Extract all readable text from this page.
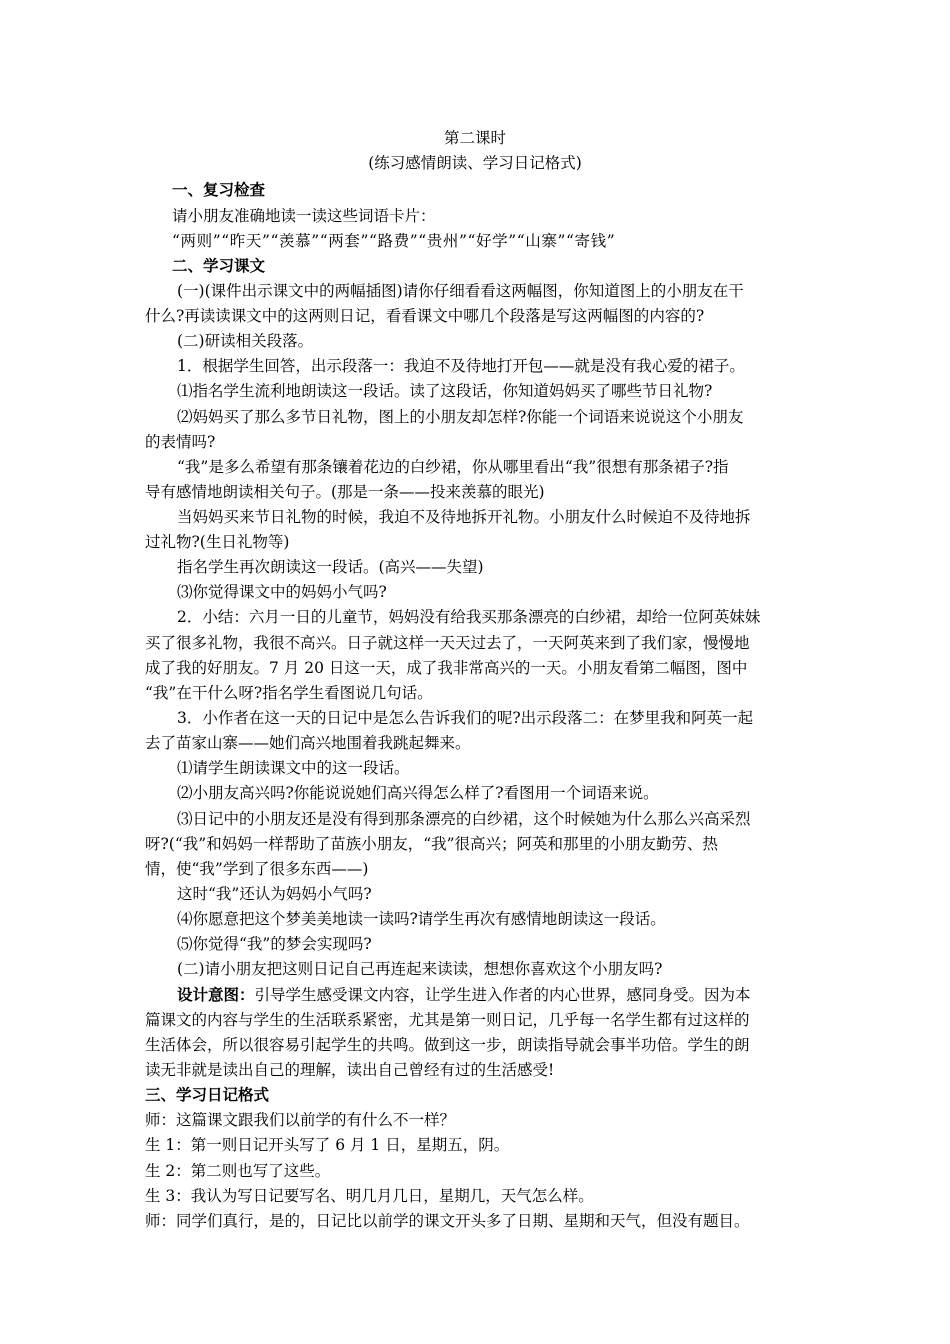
第二课时
(练习感情朗读、学习日记格式)
一、复习检查
请小朋友准确地读一读这些词语卡片：
“两则”“昨天”“羡慕”“两套”“路费”“贵州”“好学”“山寨”“寄钱”
二、学习课文
(一)(课件出示课文中的两幅插图)请你仔细看看这两幅图，你知道图上的小朋友在干
什么?再读读课文中的这两则日记，看看课文中哪几个段落是写这两幅图的内容的?
(二)研读相关段落。
1．根据学生回答，出示段落一：我迫不及待地打开包——就是没有我心爱的裙子。
⑴指名学生流利地朗读这一段话。读了这段话，你知道妈妈买了哪些节日礼物?
⑵妈妈买了那么多节日礼物，图上的小朋友却怎样?你能一个词语来说说这个小朋友
的表情吗?
“我”是多么希望有那条镶着花边的白纱裙，你从哪里看出“我”很想有那条裙子?指
导有感情地朗读相关句子。(那是一条——投来羡慕的眼光)
当妈妈买来节日礼物的时候，我迫不及待地拆开礼物。小朋友什么时候迫不及待地拆
过礼物?(生日礼物等)
指名学生再次朗读这一段话。(高兴——失望)
⑶你觉得课文中的妈妈小气吗?
2．小结：六月一日的儿童节，妈妈没有给我买那条漂亮的白纱裙，却给一位阿英妹妹
买了很多礼物，我很不高兴。日子就这样一天天过去了，一天阿英来到了我们家，慢慢地
成了我的好朋友。7 月 20 日这一天，成了我非常高兴的一天。小朋友看第二幅图，图中
“我”在干什么呀?指名学生看图说几句话。
3．小作者在这一天的日记中是怎么告诉我们的呢?出示段落二：在梦里我和阿英一起
去了苗家山寨——她们高兴地围着我跳起舞来。
⑴请学生朗读课文中的这一段话。
⑵小朋友高兴吗?你能说说她们高兴得怎么样了?看图用一个词语来说。
⑶日记中的小朋友还是没有得到那条漂亮的白纱裙，这个时候她为什么那么兴高采烈
呀?(“我”和妈妈一样帮助了苗族小朋友，“我”很高兴；阿英和那里的小朋友勤劳、热
情，使“我”学到了很多东西——)
这时“我”还认为妈妈小气吗?
⑷你愿意把这个梦美美地读一读吗?请学生再次有感情地朗读这一段话。
⑸你觉得“我”的梦会实现吗?
(二)请小朋友把这则日记自己再连起来读读，想想你喜欢这个小朋友吗?
设计意图：引导学生感受课文内容，让学生进入作者的内心世界，感同身受。因为本
篇课文的内容与学生的生活联系紧密，尤其是第一则日记，几乎每一名学生都有过这样的
生活体会，所以很容易引起学生的共鸣。做到这一步，朗读指导就会事半功倍。学生的朗
读无非就是读出自己的理解，读出自己曾经有过的生活感受!
三、学习日记格式
师：这篇课文跟我们以前学的有什么不一样？
生 1：第一则日记开头写了 6 月 1 日，星期五，阴。
生 2：第二则也写了这些。
生 3：我认为写日记要写名、明几月几日，星期几，天气怎么样。
师：同学们真行，是的，日记比以前学的课文开头多了日期、星期和天气，但没有题目。
